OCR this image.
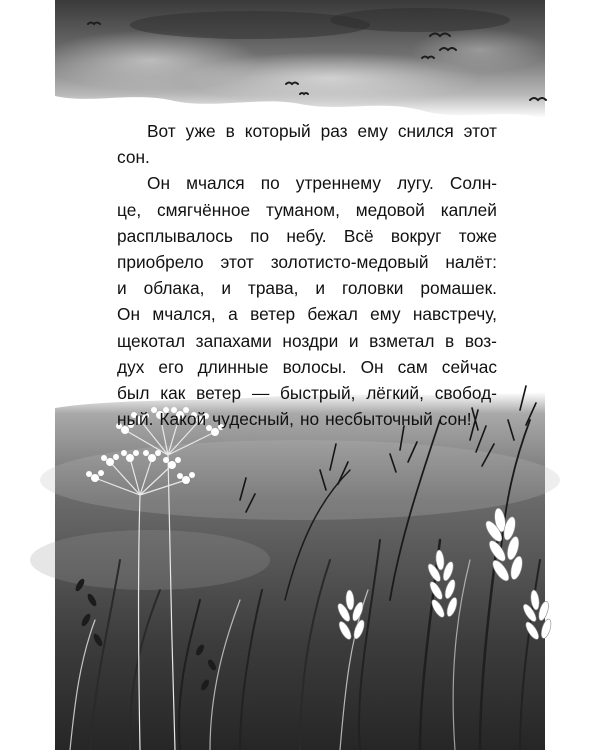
Вот уже в который раз ему снился этот
сон.
Он мчался по утреннему лугу. Солн-
це, смягчённое туманом, медовой каплей
расплывалось по небу. Всё вокруг тоже
приобрело этот золотисто-медовый налёт:
и облака, и трава, и головки ромашек.
Он мчался, а ветер бежал ему навстречу,
щекотал запахами ноздри и взметал в воз-
дух его длинные волосы. Он сам сейчас
был как ветер — быстрый, лёгкий, свобод-
ный. Какой чудесный, но несбыточный сон!
